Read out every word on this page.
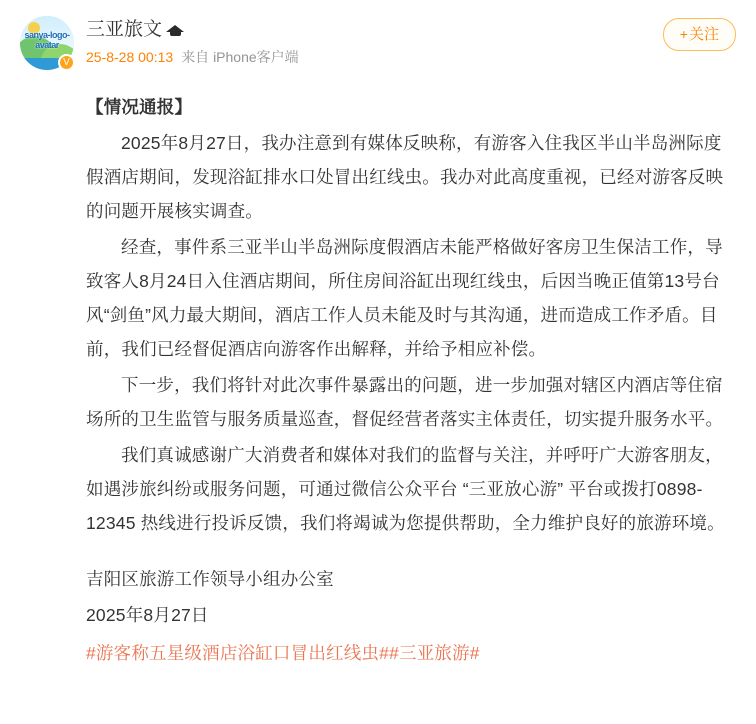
sanya-logo-avatar
V
三亚旅文
25-8-28 00:13 来自 iPhone客户端
+关注

【情况通报】

2025年8月27日，我办注意到有媒体反映称，有游客入住我区半山半岛洲际度假酒店期间，发现浴缸排水口处冒出红线虫。我办对此高度重视，已经对游客反映的问题开展核实调查。

经查，事件系三亚半山半岛洲际度假酒店未能严格做好客房卫生保洁工作，导致客人8月24日入住酒店期间，所住房间浴缸出现红线虫，后因当晚正值第13号台风“剑鱼”风力最大期间，酒店工作人员未能及时与其沟通，进而造成工作矛盾。目前，我们已经督促酒店向游客作出解释，并给予相应补偿。

下一步，我们将针对此次事件暴露出的问题，进一步加强对辖区内酒店等住宿场所的卫生监管与服务质量巡查，督促经营者落实主体责任，切实提升服务水平。

我们真诚感谢广大消费者和媒体对我们的监督与关注，并呼吁广大游客朋友，如遇涉旅纠纷或服务问题，可通过微信公众平台 “三亚放心游” 平台或拨打0898-12345 热线进行投诉反馈，我们将竭诚为您提供帮助，全力维护良好的旅游环境。

吉阳区旅游工作领导小组办公室

2025年8月27日

#游客称五星级酒店浴缸口冒出红线虫##三亚旅游#
